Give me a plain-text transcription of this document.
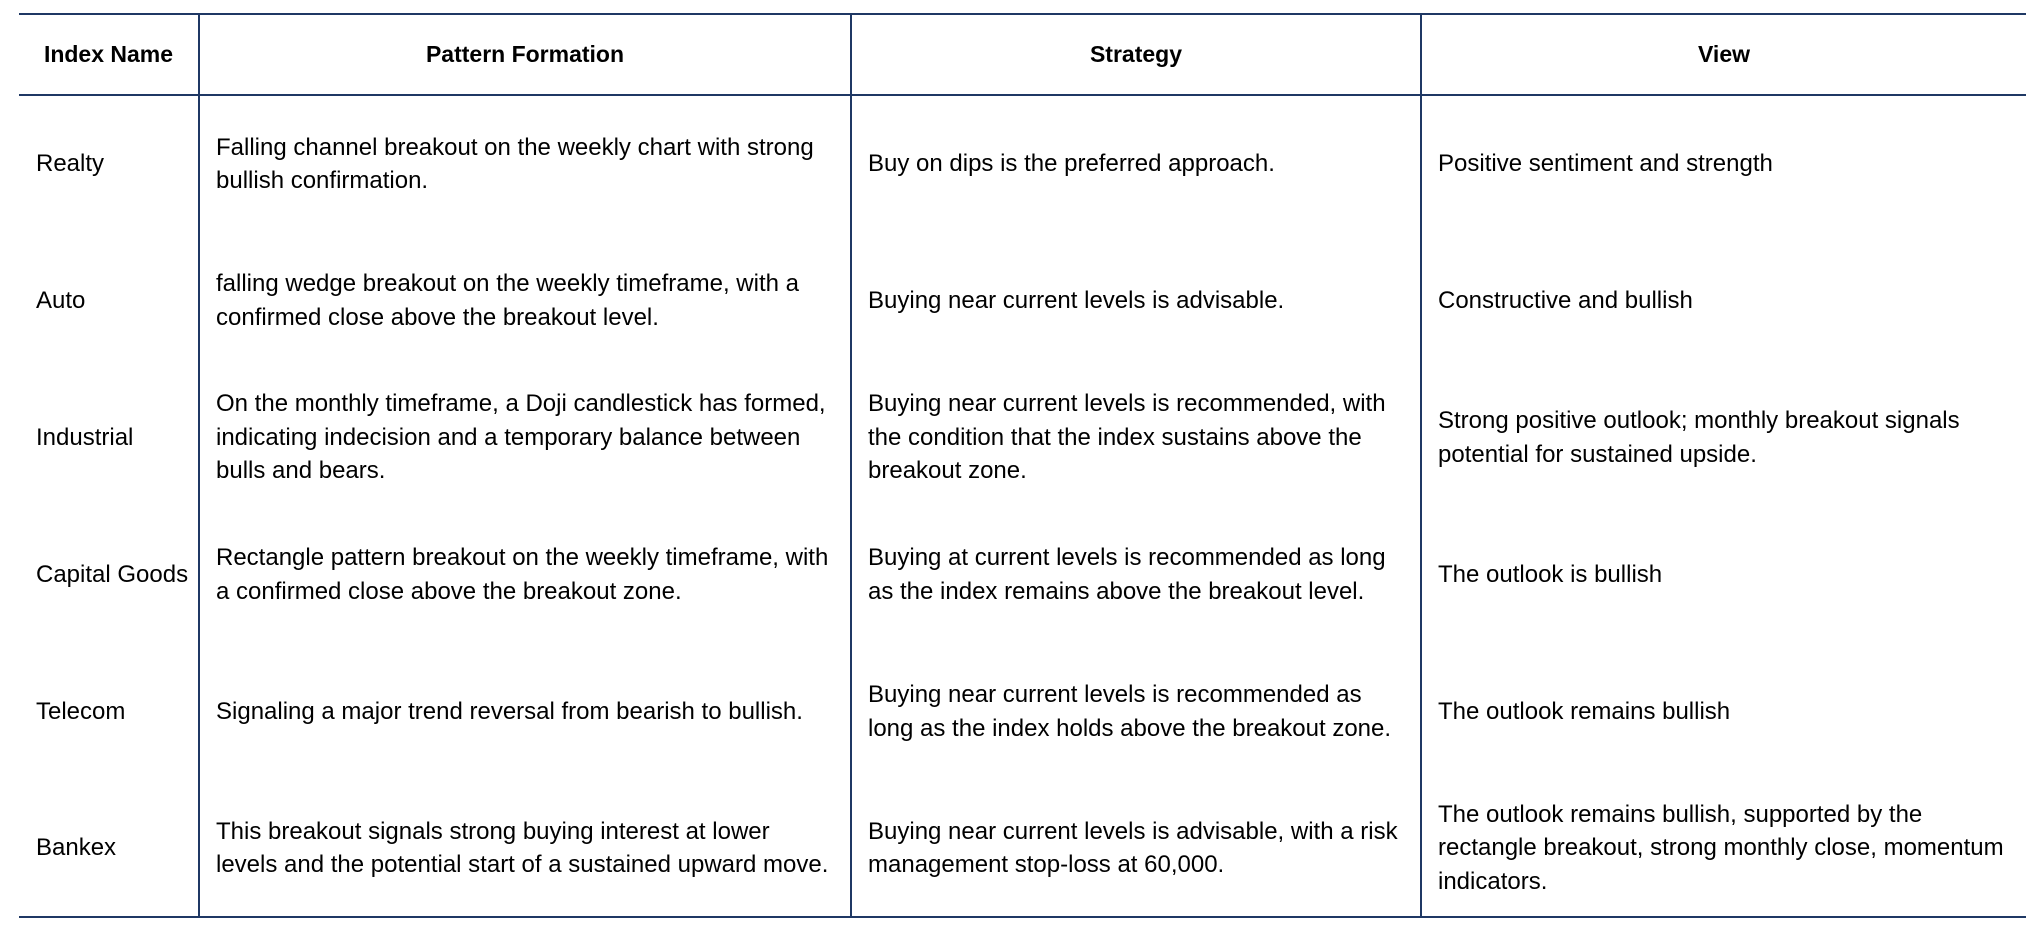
Index Name	Pattern Formation	Strategy	View
Realty	Falling channel breakout on the weekly chart with strong bullish confirmation.	Buy on dips is the preferred approach.	Positive sentiment and strength
Auto	falling wedge breakout on the weekly timeframe, with a confirmed close above the breakout level.	Buying near current levels is advisable.	Constructive and bullish
Industrial	On the monthly timeframe, a Doji candlestick has formed, indicating indecision and a temporary balance between bulls and bears.	Buying near current levels is recommended, with the condition that the index sustains above the breakout zone.	Strong positive outlook; monthly breakout signals potential for sustained upside.
Capital Goods	Rectangle pattern breakout on the weekly timeframe, with a confirmed close above the breakout zone.	Buying at current levels is recommended as long as the index remains above the breakout level.	The outlook is bullish
Telecom	Signaling a major trend reversal from bearish to bullish.	Buying near current levels is recommended as long as the index holds above the breakout zone.	The outlook remains bullish
Bankex	This breakout signals strong buying interest at lower levels and the potential start of a sustained upward move.	Buying near current levels is advisable, with a risk management stop-loss at 60,000.	The outlook remains bullish, supported by the rectangle breakout, strong monthly close, momentum indicators.
